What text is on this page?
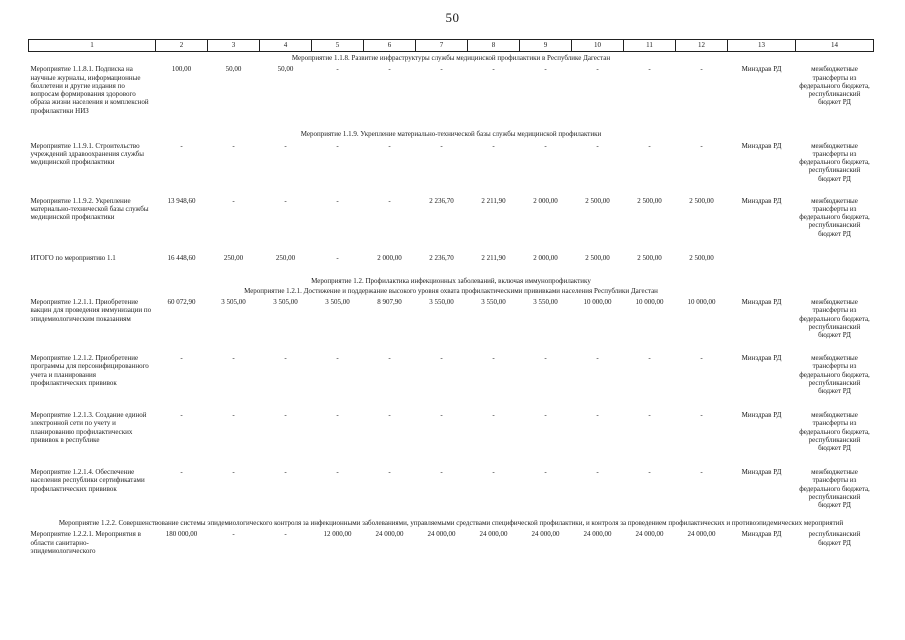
50
1	2	3	4	5	6	7	8	9	10	11	12	13	14
Мероприятие 1.1.8. Развитие инфраструктуры службы медицинской профилактики в Республике Дагестан													
Мероприятие 1.1.8.1. Подписка на научные журналы, информационные бюллетени и другие издания по вопросам формирования здорового образа жизни населения и комплексной профилактики НИЗ	100,00	50,00	50,00	-	-	-	-	-	-	-	-	Минздрав РД	межбюджетные трансферты из федерального бюджета, республиканский бюджет РД
Мероприятие 1.1.9. Укрепление материально-технической базы службы медицинской профилактики													
Мероприятие 1.1.9.1. Строительство учреждений здравоохранения службы медицинской профилактики	-	-	-	-	-	-	-	-	-	-	-	Минздрав РД	межбюджетные трансферты из федерального бюджета, республиканский бюджет РД
Мероприятие 1.1.9.2. Укрепление материально-технической базы службы медицинской профилактики	13 948,60	-	-	-	-	2 236,70	2 211,90	2 000,00	2 500,00	2 500,00	2 500,00	Минздрав РД	межбюджетные трансферты из федерального бюджета, республиканский бюджет РД
ИТОГО по мероприятию 1.1	16 448,60	250,00	250,00	-	2 000,00	2 236,70	2 211,90	2 000,00	2 500,00	2 500,00	2 500,00		
Мероприятие 1.2. Профилактика инфекционных заболеваний, включая иммунопрофилактику													
Мероприятие 1.2.1. Достижение и поддержание высокого уровня охвата профилактическими прививками населения Республики Дагестан													
Мероприятие 1.2.1.1. Приобретение вакцин для проведения иммунизации по эпидемиологическим показаниям	60 072,90	3 505,00	3 505,00	3 505,00	8 907,90	3 550,00	3 550,00	3 550,00	10 000,00	10 000,00	10 000,00	Минздрав РД	межбюджетные трансферты из федерального бюджета, республиканский бюджет РД
Мероприятие 1.2.1.2. Приобретение программы для персонифицированного учета и планирования профилактических прививок	-	-	-	-	-	-	-	-	-	-	-	Минздрав РД	межбюджетные трансферты из федерального бюджета, республиканский бюджет РД
Мероприятие 1.2.1.3. Создание единой электронной сети по учету и планированию профилактических прививок в республике	-	-	-	-	-	-	-	-	-	-	-	Минздрав РД	межбюджетные трансферты из федерального бюджета, республиканский бюджет РД
Мероприятие 1.2.1.4. Обеспечение населения республики сертификатами профилактических прививок	-	-	-	-	-	-	-	-	-	-	-	Минздрав РД	межбюджетные трансферты из федерального бюджета, республиканский бюджет РД
Мероприятие 1.2.2. Совершенствование системы эпидемиологического контроля за инфекционными заболеваниями, управляемыми средствами специфической профилактики, и контроля за проведением профилактических и противоэпидемических мероприятий													
Мероприятие 1.2.2.1. Мероприятия в области санитарно-эпидемиологического	180 000,00	-	-	12 000,00	24 000,00	24 000,00	24 000,00	24 000,00	24 000,00	24 000,00	24 000,00	Минздрав РД	республиканский бюджет РД
